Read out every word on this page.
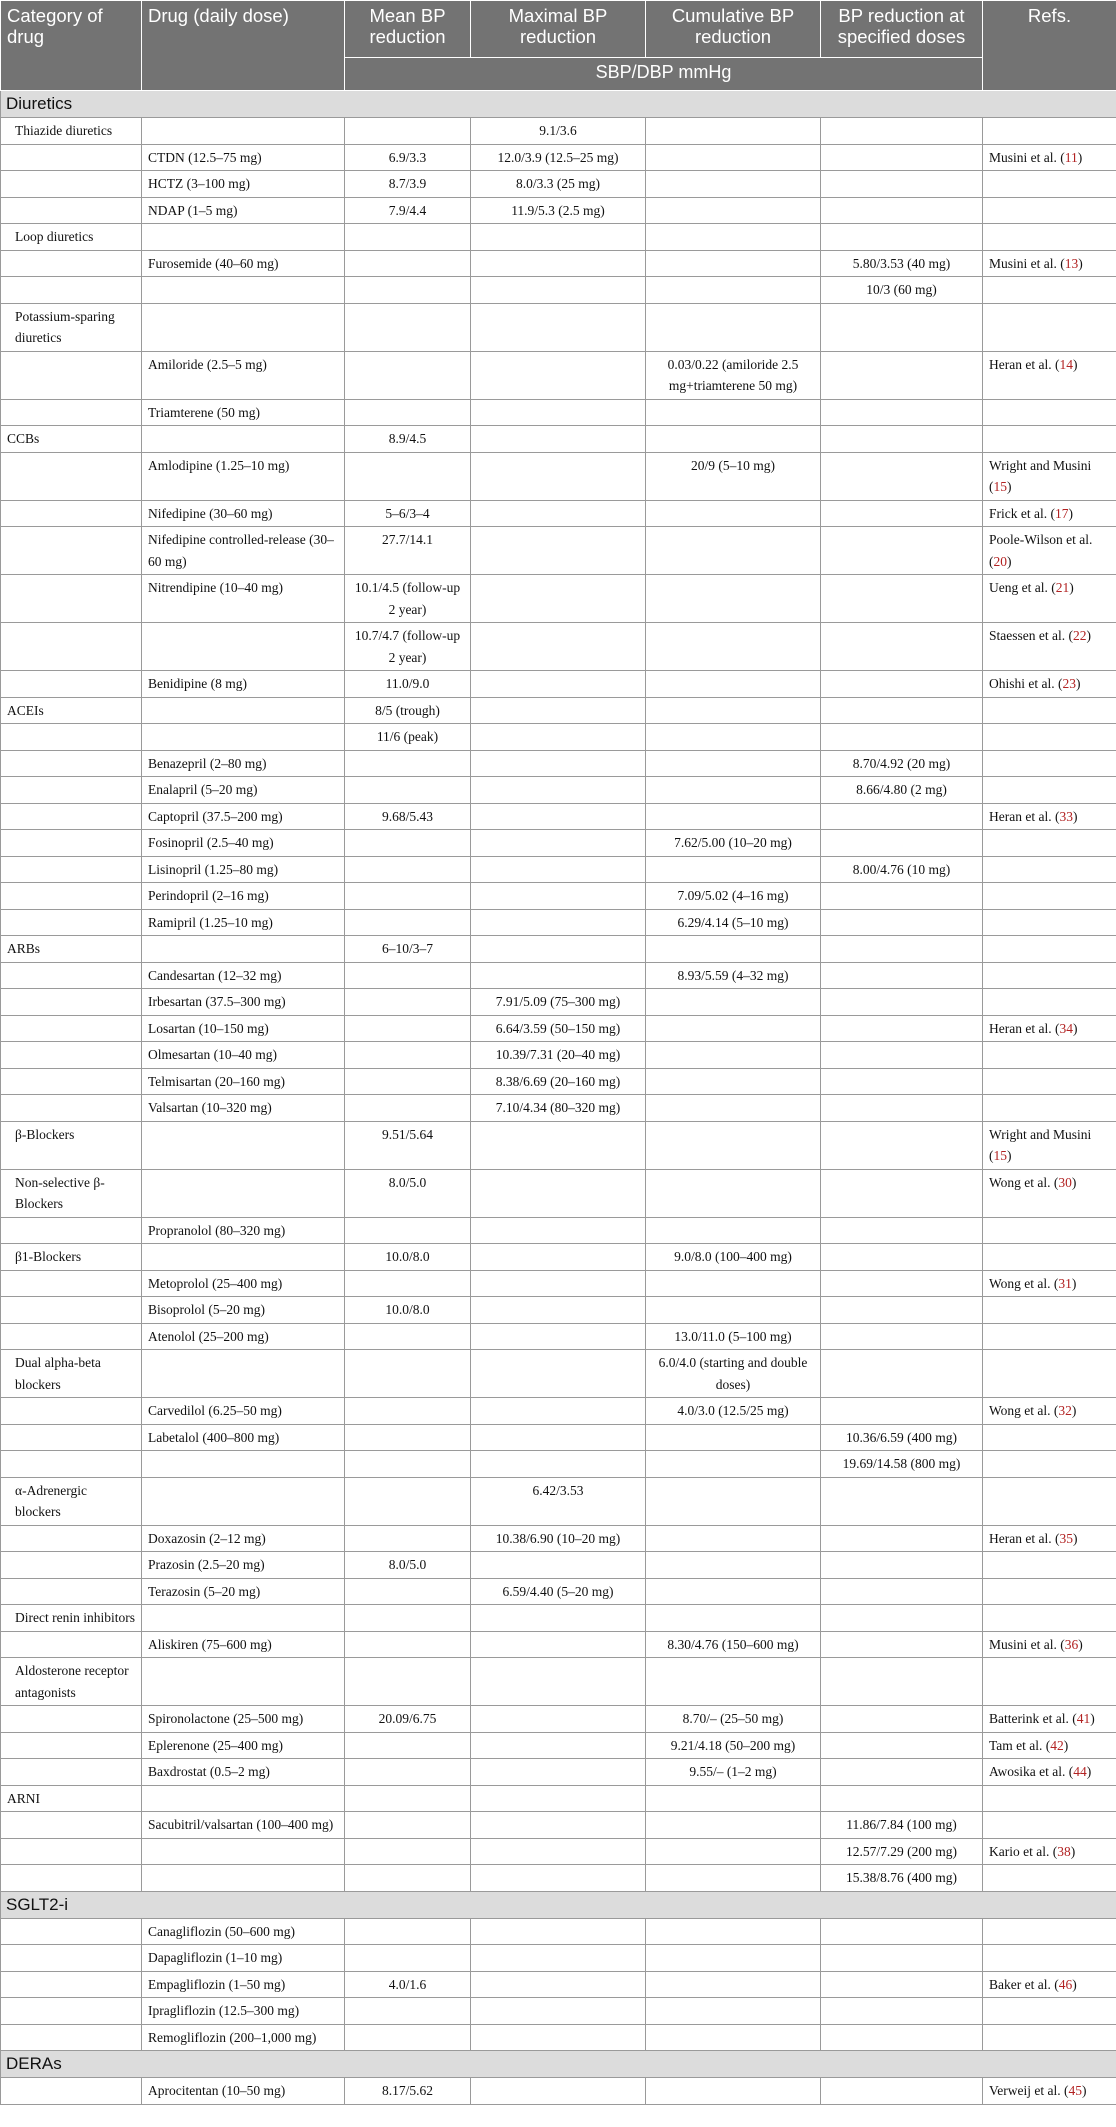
Category of drug	Drug (daily dose)	Mean BP reduction	Maximal BP reduction	Cumulative BP reduction	BP reduction at specified doses	Refs.
		SBP/DBP mmHg				
Diuretics						
Thiazide diuretics			9.1/3.6			
	CTDN (12.5–75 mg)	6.9/3.3	12.0/3.9 (12.5–25 mg)			Musini et al. (11)
	HCTZ (3–100 mg)	8.7/3.9	8.0/3.3 (25 mg)			
	NDAP (1–5 mg)	7.9/4.4	11.9/5.3 (2.5 mg)			
Loop diuretics						
	Furosemide (40–60 mg)				5.80/3.53 (40 mg)	Musini et al. (13)
					10/3 (60 mg)	
Potassium-sparing diuretics						
	Amiloride (2.5–5 mg)			0.03/0.22 (amiloride 2.5 mg+triamterene 50 mg)		Heran et al. (14)
	Triamterene (50 mg)					
CCBs		8.9/4.5				
	Amlodipine (1.25–10 mg)			20/9 (5–10 mg)		Wright and Musini (15)
	Nifedipine (30–60 mg)	5–6/3–4				Frick et al. (17)
	Nifedipine controlled-release (30–60 mg)	27.7/14.1				Poole-Wilson et al. (20)
	Nitrendipine (10–40 mg)	10.1/4.5 (follow-up 2 year)				Ueng et al. (21)
		10.7/4.7 (follow-up 2 year)				Staessen et al. (22)
	Benidipine (8 mg)	11.0/9.0				Ohishi et al. (23)
ACEIs		8/5 (trough)				
		11/6 (peak)				
	Benazepril (2–80 mg)				8.70/4.92 (20 mg)	
	Enalapril (5–20 mg)				8.66/4.80 (2 mg)	
	Captopril (37.5–200 mg)	9.68/5.43				Heran et al. (33)
	Fosinopril (2.5–40 mg)			7.62/5.00 (10–20 mg)		
	Lisinopril (1.25–80 mg)				8.00/4.76 (10 mg)	
	Perindopril (2–16 mg)			7.09/5.02 (4–16 mg)		
	Ramipril (1.25–10 mg)			6.29/4.14 (5–10 mg)		
ARBs		6–10/3–7				
	Candesartan (12–32 mg)			8.93/5.59 (4–32 mg)		
	Irbesartan (37.5–300 mg)		7.91/5.09 (75–300 mg)			
	Losartan (10–150 mg)		6.64/3.59 (50–150 mg)			Heran et al. (34)
	Olmesartan (10–40 mg)		10.39/7.31 (20–40 mg)			
	Telmisartan (20–160 mg)		8.38/6.69 (20–160 mg)			
	Valsartan (10–320 mg)		7.10/4.34 (80–320 mg)			
β-Blockers		9.51/5.64				Wright and Musini (15)
Non-selective β-Blockers		8.0/5.0				Wong et al. (30)
	Propranolol (80–320 mg)					
β1-Blockers		10.0/8.0		9.0/8.0 (100–400 mg)		
	Metoprolol (25–400 mg)					Wong et al. (31)
	Bisoprolol (5–20 mg)	10.0/8.0				
	Atenolol (25–200 mg)			13.0/11.0 (5–100 mg)		
Dual alpha-beta blockers				6.0/4.0 (starting and double doses)		
	Carvedilol (6.25–50 mg)			4.0/3.0 (12.5/25 mg)		Wong et al. (32)
	Labetalol (400–800 mg)				10.36/6.59 (400 mg)	
					19.69/14.58 (800 mg)	
α-Adrenergic blockers			6.42/3.53			
	Doxazosin (2–12 mg)		10.38/6.90 (10–20 mg)			Heran et al. (35)
	Prazosin (2.5–20 mg)	8.0/5.0				
	Terazosin (5–20 mg)		6.59/4.40 (5–20 mg)			
Direct renin inhibitors						
	Aliskiren (75–600 mg)			8.30/4.76 (150–600 mg)		Musini et al. (36)
Aldosterone receptor antagonists						
	Spironolactone (25–500 mg)	20.09/6.75		8.70/– (25–50 mg)		Batterink et al. (41)
	Eplerenone (25–400 mg)			9.21/4.18 (50–200 mg)		Tam et al. (42)
	Baxdrostat (0.5–2 mg)			9.55/– (1–2 mg)		Awosika et al. (44)
ARNI						
	Sacubitril/valsartan (100–400 mg)				11.86/7.84 (100 mg)	
					12.57/7.29 (200 mg)	Kario et al. (38)
					15.38/8.76 (400 mg)	
SGLT2-i						
	Canagliflozin (50–600 mg)					
	Dapagliflozin (1–10 mg)					
	Empagliflozin (1–50 mg)	4.0/1.6				Baker et al. (46)
	Ipragliflozin (12.5–300 mg)					
	Remogliflozin (200–1,000 mg)					
DERAs						
	Aprocitentan (10–50 mg)	8.17/5.62				Verweij et al. (45)
